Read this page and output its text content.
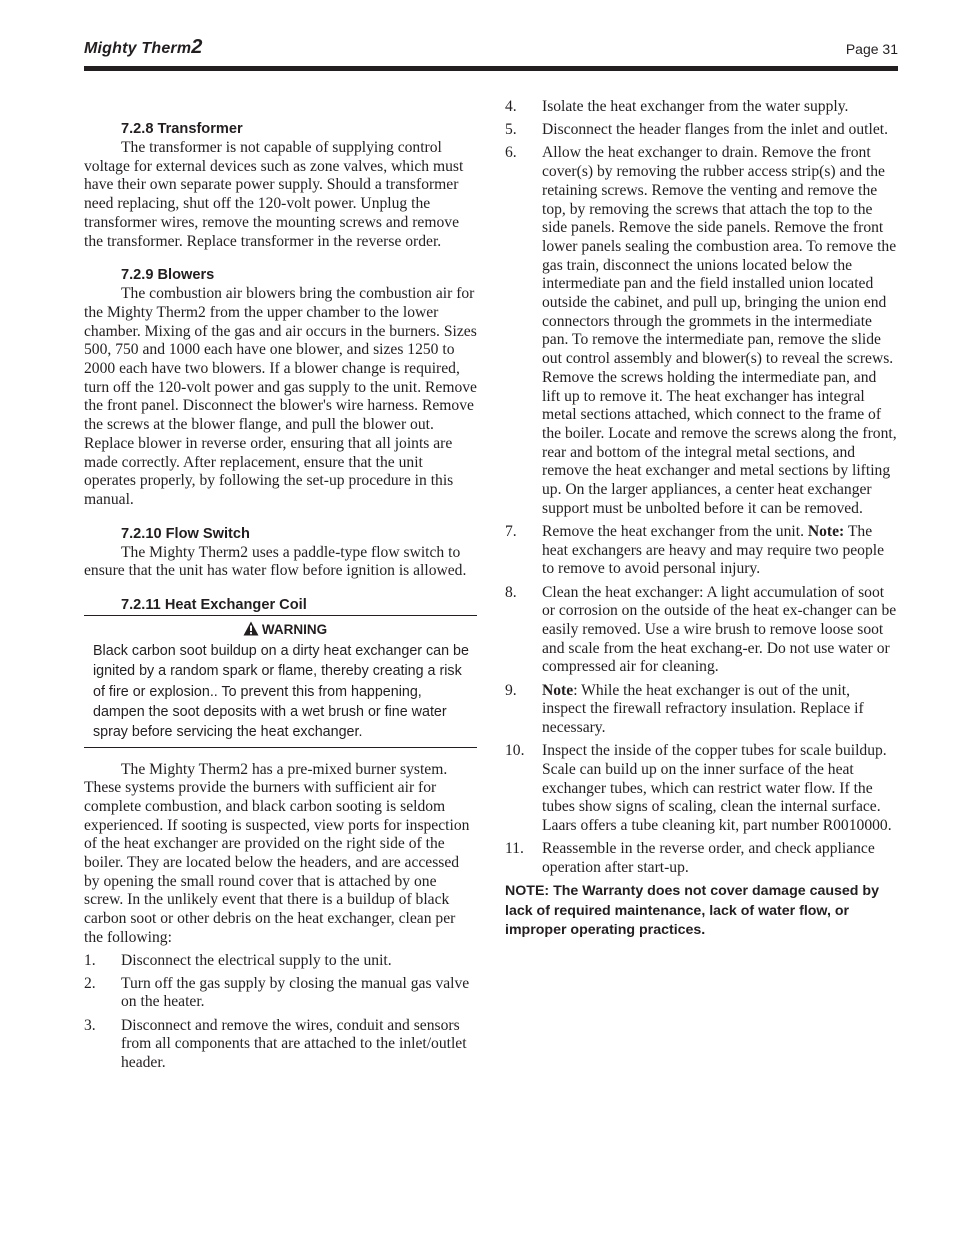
Mighty Therm2	Page 31
7.2.8 Transformer

The transformer is not capable of supplying control voltage for external devices such as zone valves, which must have their own separate power supply. Should a transformer need replacing, shut off the 120-volt power. Unplug the transformer wires, remove the mounting screws and remove the transformer. Replace transformer in the reverse order.

7.2.9 Blowers

The combustion air blowers bring the combustion air for the Mighty Therm2 from the upper chamber to the lower chamber. Mixing of the gas and air occurs in the burners. Sizes 500, 750 and 1000 each have one blower, and sizes 1250 to 2000 each have two blowers. If a blower change is required, turn off the 120-volt power and gas supply to the unit. Remove the front panel. Disconnect the blower's wire harness. Remove the screws at the blower flange, and pull the blower out. Replace blower in reverse order, ensuring that all joints are made correctly. After replacement, ensure that the unit operates properly, by following the set-up procedure in this manual.

7.2.10 Flow Switch

The Mighty Therm2 uses a paddle-type flow switch to ensure that the unit has water flow before ignition is allowed.

7.2.11 Heat Exchanger Coil
WARNING
Black carbon soot buildup on a dirty heat exchanger can be ignited by a random spark or flame, thereby creating a risk of fire or explosion.. To prevent this from happening, dampen the soot deposits with a wet brush or fine water spray before servicing the heat exchanger.

The Mighty Therm2 has a pre-mixed burner system. These systems provide the burners with sufficient air for complete combustion, and black carbon sooting is seldom experienced. If sooting is suspected, view ports for inspection of the heat exchanger are provided on the right side of the boiler. They are located below the headers, and are accessed by opening the small round cover that is attached by one screw. In the unlikely event that there is a buildup of black carbon soot or other debris on the heat exchanger, clean per the following:

1. Disconnect the electrical supply to the unit.
2. Turn off the gas supply by closing the manual gas valve on the heater.
3. Disconnect and remove the wires, conduit and sensors from all components that are attached to the inlet/outlet header.
4. Isolate the heat exchanger from the water supply.
5. Disconnect the header flanges from the inlet and outlet.
6. Allow the heat exchanger to drain. Remove the front cover(s) by removing the rubber access strip(s) and the retaining screws. Remove the venting and remove the top, by removing the screws that attach the top to the side panels. Remove the side panels. Remove the front lower panels sealing the combustion area. To remove the gas train, disconnect the unions located below the intermediate pan and the field installed union located outside the cabinet, and pull up, bringing the union end connectors through the grommets in the intermediate pan. To remove the intermediate pan, remove the slide out control assembly and blower(s) to reveal the screws. Remove the screws holding the intermediate pan, and lift up to remove it. The heat exchanger has integral metal sections attached, which connect to the frame of the boiler. Locate and remove the screws along the front, rear and bottom of the integral metal sections, and remove the heat exchanger and metal sections by lifting up. On the larger appliances, a center heat exchanger support must be unbolted before it can be removed.
7. Remove the heat exchanger from the unit. Note: The heat exchangers are heavy and may require two people to remove to avoid personal injury.
8. Clean the heat exchanger: A light accumulation of soot or corrosion on the outside of the heat ex-changer can be easily removed. Use a wire brush to remove loose soot and scale from the heat exchang-er. Do not use water or compressed air for cleaning.
9. Note: While the heat exchanger is out of the unit, inspect the firewall refractory insulation. Replace if necessary.
10. Inspect the inside of the copper tubes for scale buildup. Scale can build up on the inner surface of the heat exchanger tubes, which can restrict water flow. If the tubes show signs of scaling, clean the internal surface. Laars offers a tube cleaning kit, part number R0010000.
11. Reassemble in the reverse order, and check appliance operation after start-up.
NOTE: The Warranty does not cover damage caused by lack of required maintenance, lack of water flow, or improper operating practices.
